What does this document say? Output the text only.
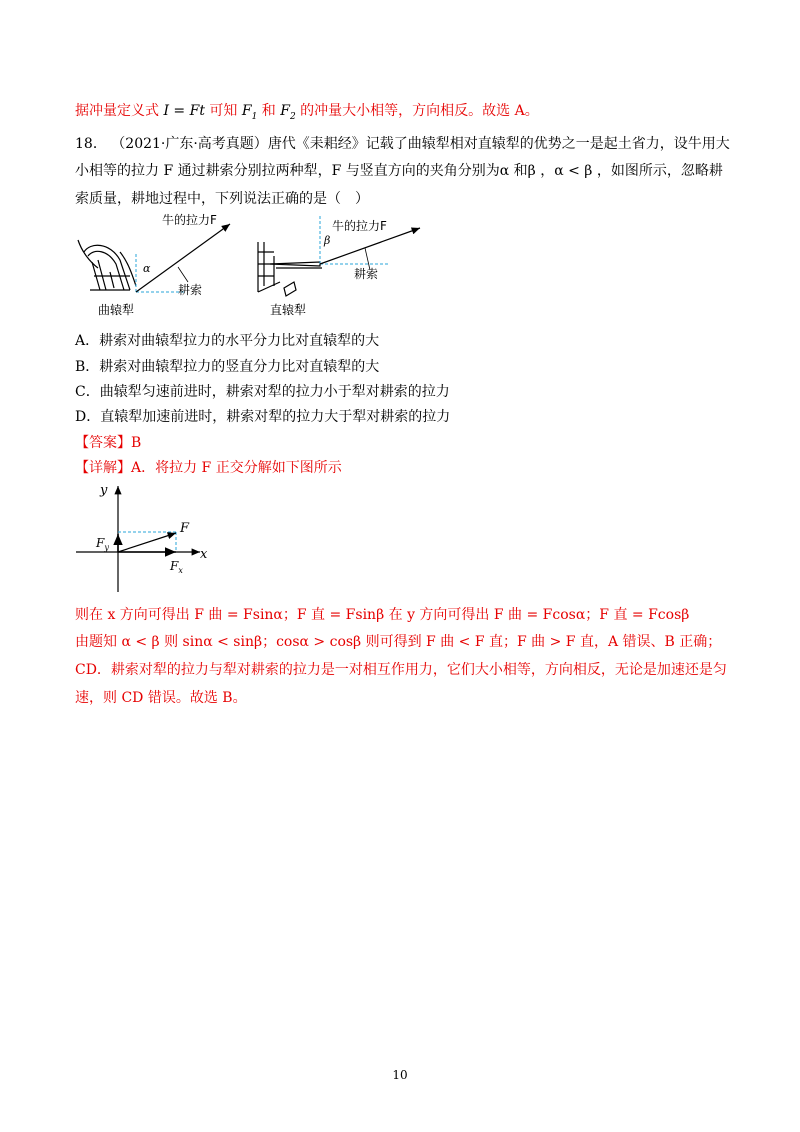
据冲量定义式 I = Ft 可知 $F_1$ 和 $F_2$ 的冲量大小相等，方向相反。故选 A。
18． （2021·广东·高考真题）唐代《耒耜经》记载了曲辕犁相对直辕犁的优势之一是起土省力，设牛用大
小相等的拉力 F 通过耕索分别拉两种犁，F 与竖直方向的夹角分别为α 和β ，α < β ，如图所示，忽略耕
索质量，耕地过程中，下列说法正确的是（　）
牛的拉力F
α
耕索
曲辕犁
牛的拉力F
β
耕索
直辕犁
A．耕索对曲辕犁拉力的水平分力比对直辕犁的大
B．耕索对曲辕犁拉力的竖直分力比对直辕犁的大
C．曲辕犁匀速前进时，耕索对犁的拉力小于犁对耕索的拉力
D．直辕犁加速前进时，耕索对犁的拉力大于犁对耕索的拉力
【答案】B
【详解】A．将拉力 F 正交分解如下图所示
y
x
F
$F_y$
$F_x$
则在 x 方向可得出 F 曲 = Fsinα；F 直 = Fsinβ 在 y 方向可得出 F 曲 = Fcosα；F 直 = Fcosβ
由题知 α < β 则 sinα < sinβ；cosα > cosβ 则可得到 F 曲 < F 直；F 曲 > F 直，A 错误、B 正确；
CD．耕索对犁的拉力与犁对耕索的拉力是一对相互作用力，它们大小相等，方向相反，无论是加速还是匀
速，则 CD 错误。故选 B。
10
